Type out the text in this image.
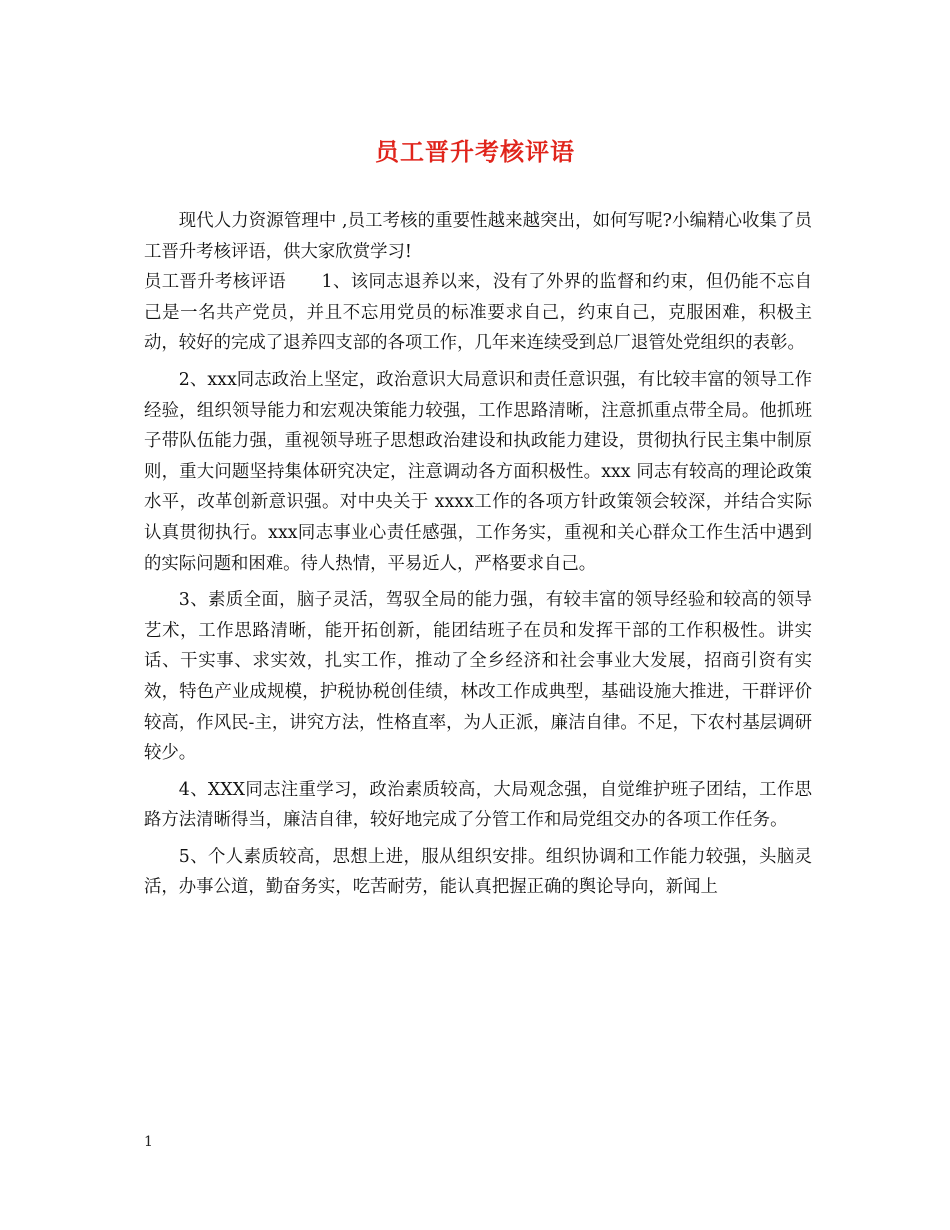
员工晋升考核评语

现代人力资源管理中 ,员工考核的重要性越来越突出，如何写呢?小编精心收集了员工晋升考核评语，供大家欣赏学习!

员工晋升考核评语　　1、该同志退养以来，没有了外界的监督和约束，但仍能不忘自己是一名共产党员，并且不忘用党员的标准要求自己，约束自己，克服困难，积极主动，较好的完成了退养四支部的各项工作，几年来连续受到总厂退管处党组织的表彰。

2、xxx同志政治上坚定，政治意识大局意识和责任意识强，有比较丰富的领导工作经验，组织领导能力和宏观决策能力较强，工作思路清晰，注意抓重点带全局。他抓班子带队伍能力强，重视领导班子思想政治建设和执政能力建设，贯彻执行民主集中制原则，重大问题坚持集体研究决定，注意调动各方面积极性。xxx 同志有较高的理论政策水平，改革创新意识强。对中央关于 xxxx工作的各项方针政策领会较深，并结合实际认真贯彻执行。xxx同志事业心责任感强，工作务实，重视和关心群众工作生活中遇到的实际问题和困难。待人热情，平易近人，严格要求自己。

3、素质全面，脑子灵活，驾驭全局的能力强，有较丰富的领导经验和较高的领导艺术，工作思路清晰，能开拓创新，能团结班子在员和发挥干部的工作积极性。讲实话、干实事、求实效，扎实工作，推动了全乡经济和社会事业大发展，招商引资有实效，特色产业成规模，护税协税创佳绩，林改工作成典型，基础设施大推进，干群评价较高，作风民-主，讲究方法，性格直率，为人正派，廉洁自律。不足，下农村基层调研较少。

4、XXX同志注重学习，政治素质较高，大局观念强，自觉维护班子团结，工作思路方法清晰得当，廉洁自律，较好地完成了分管工作和局党组交办的各项工作任务。

5、个人素质较高，思想上进，服从组织安排。组织协调和工作能力较强，头脑灵活，办事公道，勤奋务实，吃苦耐劳，能认真把握正确的舆论导向，新闻上

1
